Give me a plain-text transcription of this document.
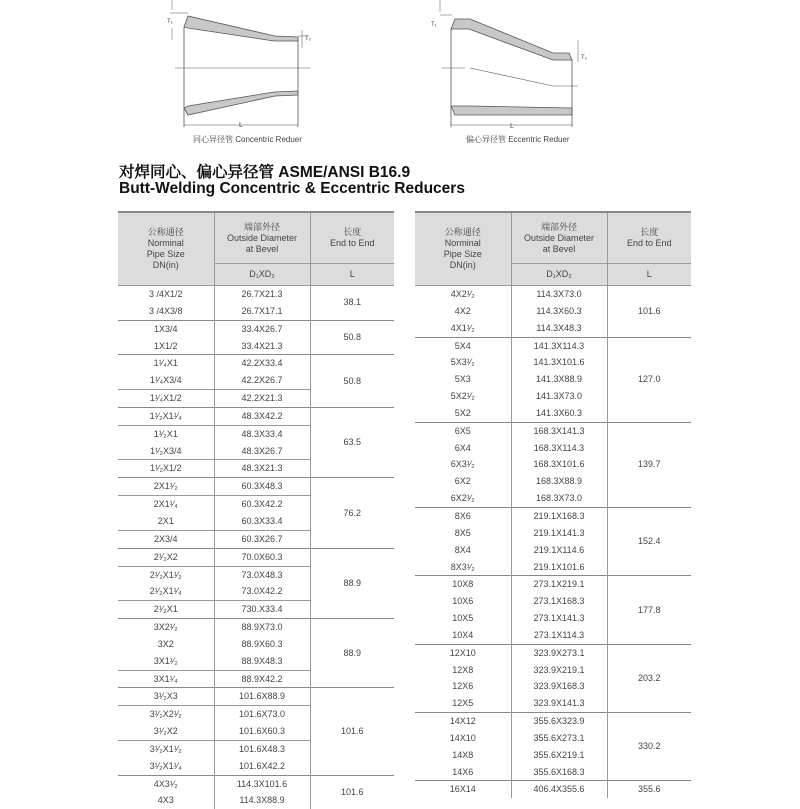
T₁
T₂
L
T₁
T₂
L
同心异径管 Concentric Reduer	偏心异径管 Eccentric Reduer
对焊同心、偏心异径管 ASME/ANSI B16.9
Butt-Welding Concentric & Eccentric Reducers
公称通径
Norminal
Pipe Size
DN(in)	端部外径
Outside Diameter
at Bevel	长度
End to End
	D₁XD₂	L
3 /4X1/2	26.7X21.3	38.1
3 /4X3/8	26.7X17.1	
1X3/4	33.4X26.7	50.8
1X1/2	33.4X21.3	
1¹⁄₄X1	42.2X33.4	50.8
1¹⁄₄X3/4	42.2X26.7	
1¹⁄₄X1/2	42.2X21.3	
1¹⁄₂X1¹⁄₄	48.3X42.2	63.5
1¹⁄₂X1	48.3X33.4	
1¹⁄₂X3/4	48.3X26.7	
1¹⁄₂X1/2	48.3X21.3	
2X1¹⁄₂	60.3X48.3	76.2
2X1¹⁄₄	60.3X42.2	
2X1	60.3X33.4	
2X3/4	60.3X26.7	
2¹⁄₂X2	70.0X60.3	88.9
2¹⁄₂X1¹⁄₂	73.0X48.3	
2¹⁄₂X1¹⁄₄	73.0X42.2	
2¹⁄₂X1	730.X33.4	
3X2¹⁄₂	88.9X73.0	88.9
3X2	88.9X60.3	
3X1¹⁄₂	88.9X48.3	
3X1¹⁄₄	88.9X42.2	
3¹⁄₂X3	101.6X88.9	101.6
3¹⁄₂X2¹⁄₂	101.6X73.0	
3¹⁄₂X2	101.6X60.3	
3¹⁄₂X1¹⁄₂	101.6X48.3	
3¹⁄₂X1¹⁄₄	101.6X42.2	
4X3¹⁄₂	114.3X101.6	101.6
4X3	114.3X88.9	
公称通径
Norminal
Pipe Size
DN(in)	端部外径
Outside Diameter
at Bevel	长度
End to End
	D₁XD₂	L
4X2¹⁄₂	114.3X73.0	101.6
4X2	114.3X60.3	
4X1¹⁄₂	114.3X48.3	
5X4	141.3X114.3	127.0
5X3¹⁄₂	141.3X101.6	
5X3	141.3X88.9	
5X2¹⁄₂	141.3X73.0	
5X2	141.3X60.3	
6X5	168.3X141.3	139.7
6X4	168.3X114.3	
6X3¹⁄₂	168.3X101.6	
6X2	168.3X88.9	
6X2¹⁄₂	168.3X73.0	
8X6	219.1X168.3	152.4
8X5	219.1X141.3	
8X4	219.1X114.6	
8X3¹⁄₂	219.1X101.6	
10X8	273.1X219.1	177.8
10X6	273.1X168.3	
10X5	273.1X141.3	
10X4	273.1X114.3	
12X10	323.9X273.1	203.2
12X8	323.9X219.1	
12X6	323.9X168.3	
12X5	323.9X141.3	
14X12	355.6X323.9	330.2
14X10	355.6X273.1	
14X8	355.6X219.1	
14X6	355.6X168.3	
16X14	406.4X355.6	355.6
